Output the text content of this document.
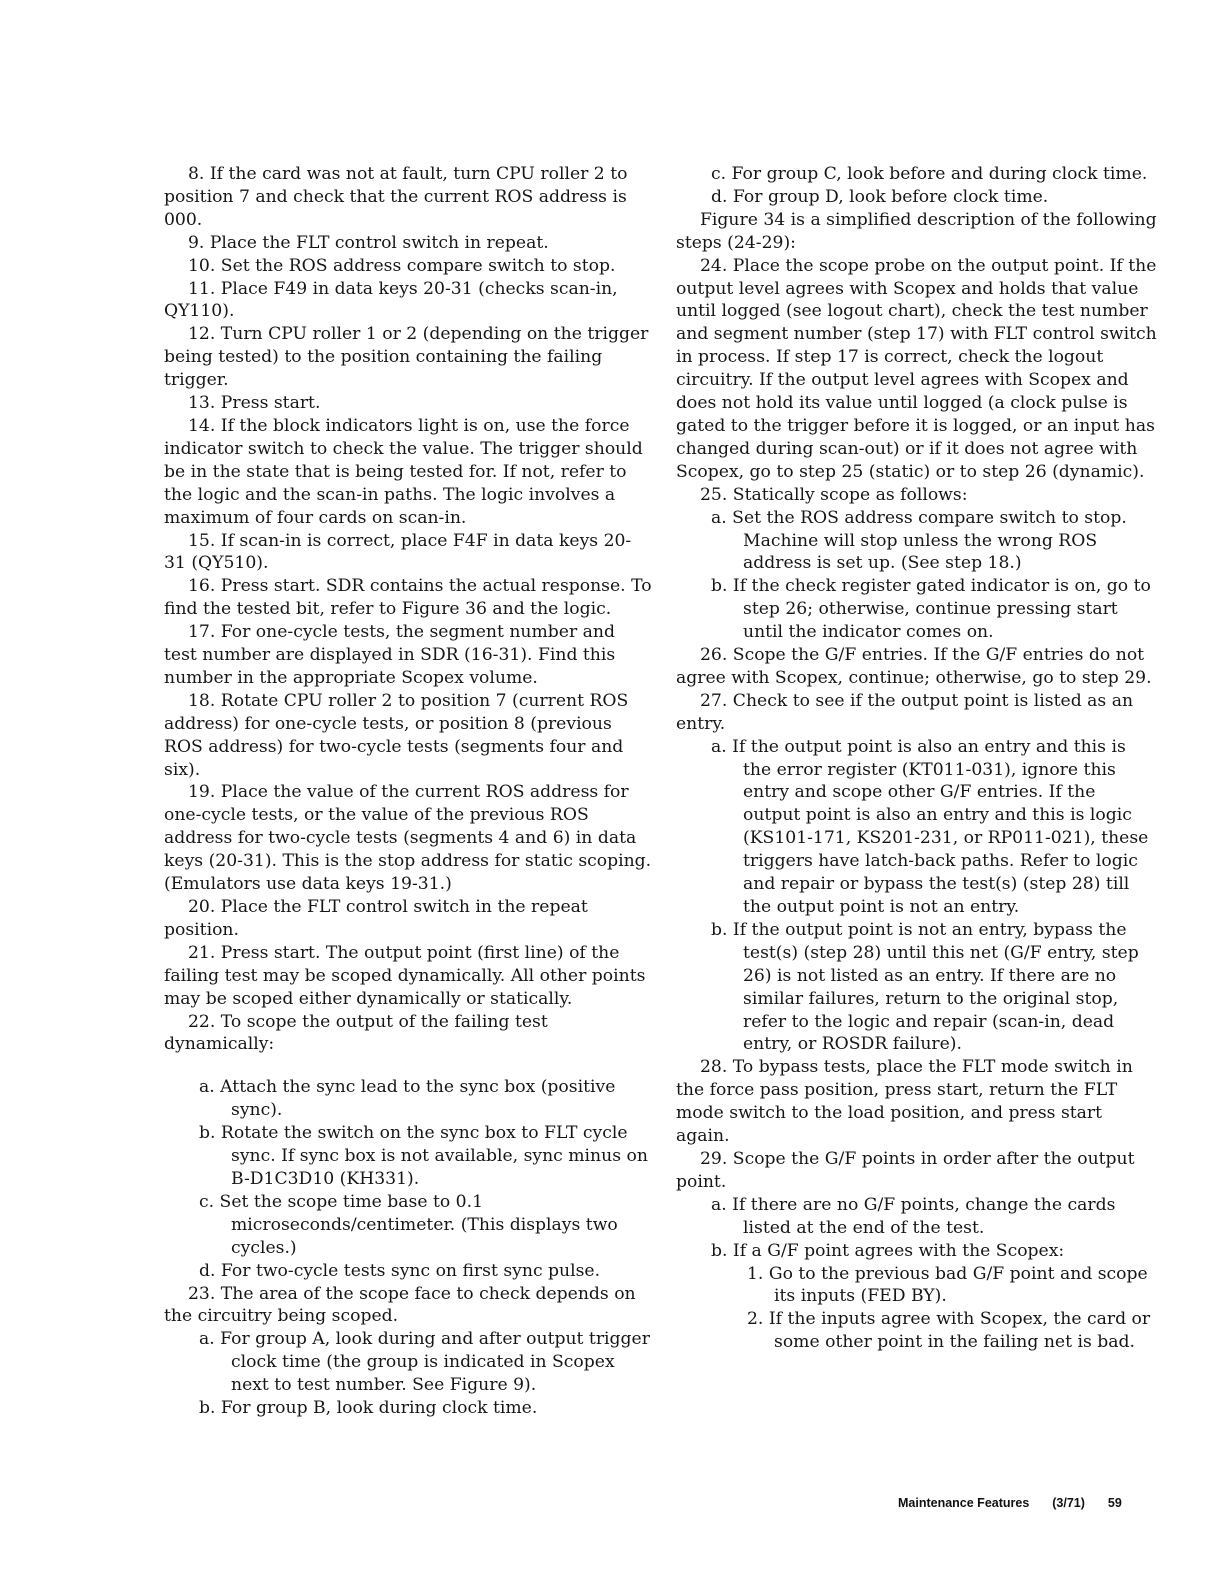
8. If the card was not at fault, turn CPU roller 2 to position 7 and check that the current ROS address is 000.

9. Place the FLT control switch in repeat.

10. Set the ROS address compare switch to stop.

11. Place F49 in data keys 20-31 (checks scan-in, QY110).

12. Turn CPU roller 1 or 2 (depending on the trigger being tested) to the position containing the failing trigger.

13. Press start.

14. If the block indicators light is on, use the force indicator switch to check the value. The trigger should be in the state that is being tested for. If not, refer to the logic and the scan-in paths. The logic involves a maximum of four cards on scan-in.

15. If scan-in is correct, place F4F in data keys 20-31 (QY510).

16. Press start. SDR contains the actual response. To find the tested bit, refer to Figure 36 and the logic.

17. For one-cycle tests, the segment number and test number are displayed in SDR (16-31). Find this number in the appropriate Scopex volume.

18. Rotate CPU roller 2 to position 7 (current ROS address) for one-cycle tests, or position 8 (previous ROS address) for two-cycle tests (segments four and six).

19. Place the value of the current ROS address for one-cycle tests, or the value of the previous ROS address for two-cycle tests (segments 4 and 6) in data keys (20-31). This is the stop address for static scoping. (Emulators use data keys 19-31.)

20. Place the FLT control switch in the repeat position.

21. Press start. The output point (first line) of the failing test may be scoped dynamically. All other points may be scoped either dynamically or statically.

22. To scope the output of the failing test dynamically:

a. Attach the sync lead to the sync box (positive sync).

b. Rotate the switch on the sync box to FLT cycle sync. If sync box is not available, sync minus on B-D1C3D10 (KH331).

c. Set the scope time base to 0.1 microseconds/centimeter. (This displays two cycles.)

d. For two-cycle tests sync on first sync pulse.

23. The area of the scope face to check depends on the circuitry being scoped.

a. For group A, look during and after output trigger clock time (the group is indicated in Scopex next to test number. See Figure 9).

b. For group B, look during clock time.

c. For group C, look before and during clock time.

d. For group D, look before clock time.

Figure 34 is a simplified description of the following steps (24-29):

24. Place the scope probe on the output point. If the output level agrees with Scopex and holds that value until logged (see logout chart), check the test number and segment number (step 17) with FLT control switch in process. If step 17 is correct, check the logout circuitry. If the output level agrees with Scopex and does not hold its value until logged (a clock pulse is gated to the trigger before it is logged, or an input has changed during scan-out) or if it does not agree with Scopex, go to step 25 (static) or to step 26 (dynamic).

25. Statically scope as follows:

a. Set the ROS address compare switch to stop. Machine will stop unless the wrong ROS address is set up. (See step 18.)

b. If the check register gated indicator is on, go to step 26; otherwise, continue pressing start until the indicator comes on.

26. Scope the G/F entries. If the G/F entries do not agree with Scopex, continue; otherwise, go to step 29.

27. Check to see if the output point is listed as an entry.

a. If the output point is also an entry and this is the error register (KT011-031), ignore this entry and scope other G/F entries. If the output point is also an entry and this is logic (KS101-171, KS201-231, or RP011-021), these triggers have latch-back paths. Refer to logic and repair or bypass the test(s) (step 28) till the output point is not an entry.

b. If the output point is not an entry, bypass the test(s) (step 28) until this net (G/F entry, step 26) is not listed as an entry. If there are no similar failures, return to the original stop, refer to the logic and repair (scan-in, dead entry, or ROSDR failure).

28. To bypass tests, place the FLT mode switch in the force pass position, press start, return the FLT mode switch to the load position, and press start again.

29. Scope the G/F points in order after the output point.

a. If there are no G/F points, change the cards listed at the end of the test.

b. If a G/F point agrees with the Scopex:

1. Go to the previous bad G/F point and scope its inputs (FED BY).

2. If the inputs agree with Scopex, the card or some other point in the failing net is bad.

Maintenance Features (3/71) 59
